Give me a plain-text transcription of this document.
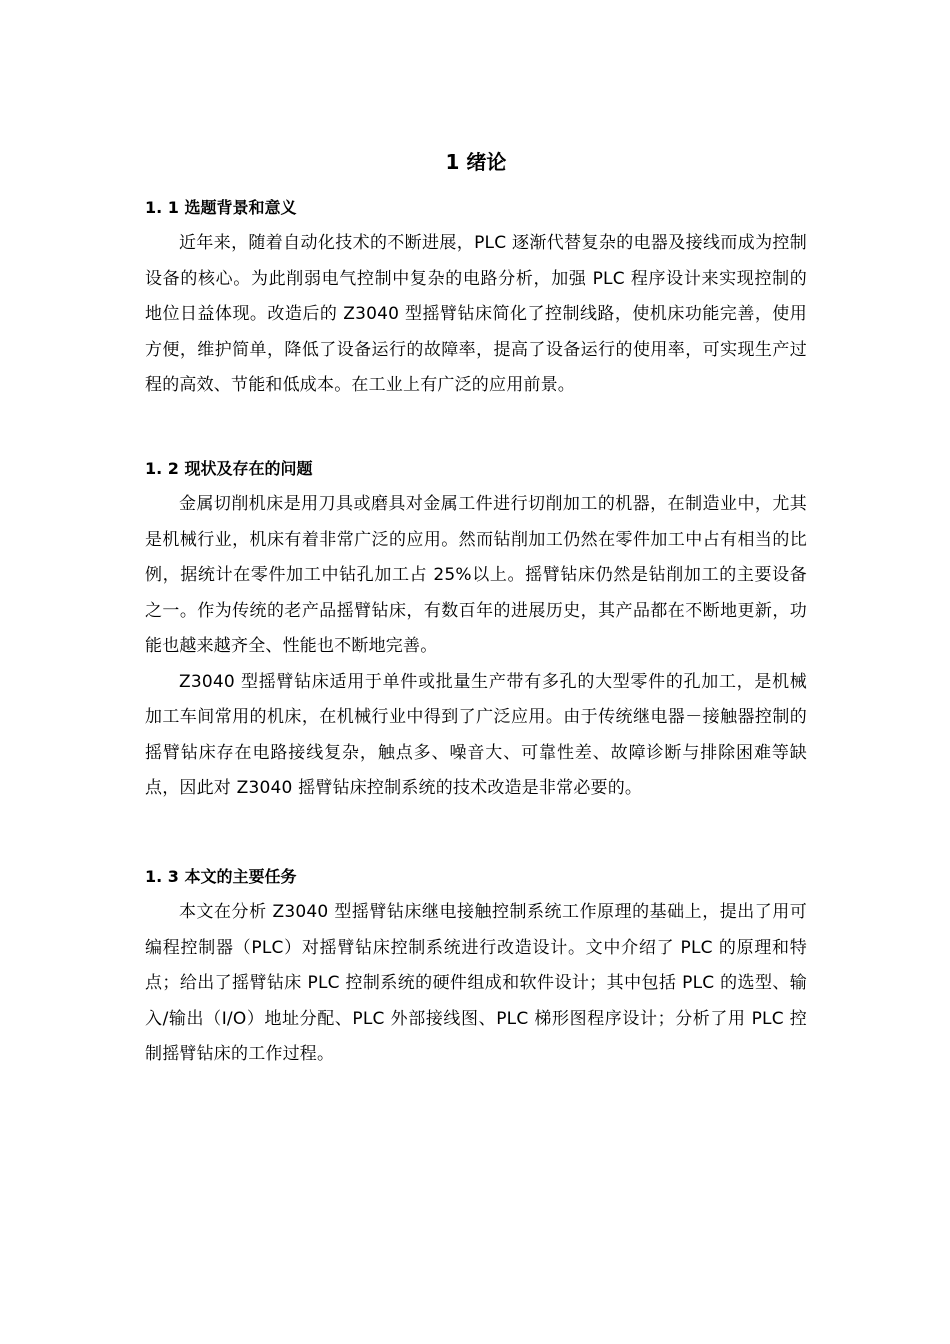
1 绪论
1. 1 选题背景和意义

近年来，随着自动化技术的不断进展，PLC 逐渐代替复杂的电器及接线而成为控制设备的核心。为此削弱电气控制中复杂的电路分析，加强 PLC 程序设计来实现控制的地位日益体现。改造后的 Z3040 型摇臂钻床简化了控制线路，使机床功能完善，使用方便，维护简单，降低了设备运行的故障率，提高了设备运行的使用率，可实现生产过程的高效、节能和低成本。在工业上有广泛的应用前景。

1. 2 现状及存在的问题

金属切削机床是用刀具或磨具对金属工件进行切削加工的机器，在制造业中，尤其是机械行业，机床有着非常广泛的应用。然而钻削加工仍然在零件加工中占有相当的比例，据统计在零件加工中钻孔加工占 25%以上。摇臂钻床仍然是钻削加工的主要设备之一。作为传统的老产品摇臂钻床，有数百年的进展历史，其产品都在不断地更新，功能也越来越齐全、性能也不断地完善。

Z3040 型摇臂钻床适用于单件或批量生产带有多孔的大型零件的孔加工，是机械加工车间常用的机床，在机械行业中得到了广泛应用。由于传统继电器－接触器控制的摇臂钻床存在电路接线复杂，触点多、噪音大、可靠性差、故障诊断与排除困难等缺点，因此对 Z3040 摇臂钻床控制系统的技术改造是非常必要的。

1. 3 本文的主要任务

本文在分析 Z3040 型摇臂钻床继电接触控制系统工作原理的基础上，提出了用可编程控制器（PLC）对摇臂钻床控制系统进行改造设计。文中介绍了 PLC 的原理和特点；给出了摇臂钻床 PLC 控制系统的硬件组成和软件设计；其中包括 PLC 的选型、输入/输出（I/O）地址分配、PLC 外部接线图、PLC 梯形图程序设计；分析了用 PLC 控制摇臂钻床的工作过程。
